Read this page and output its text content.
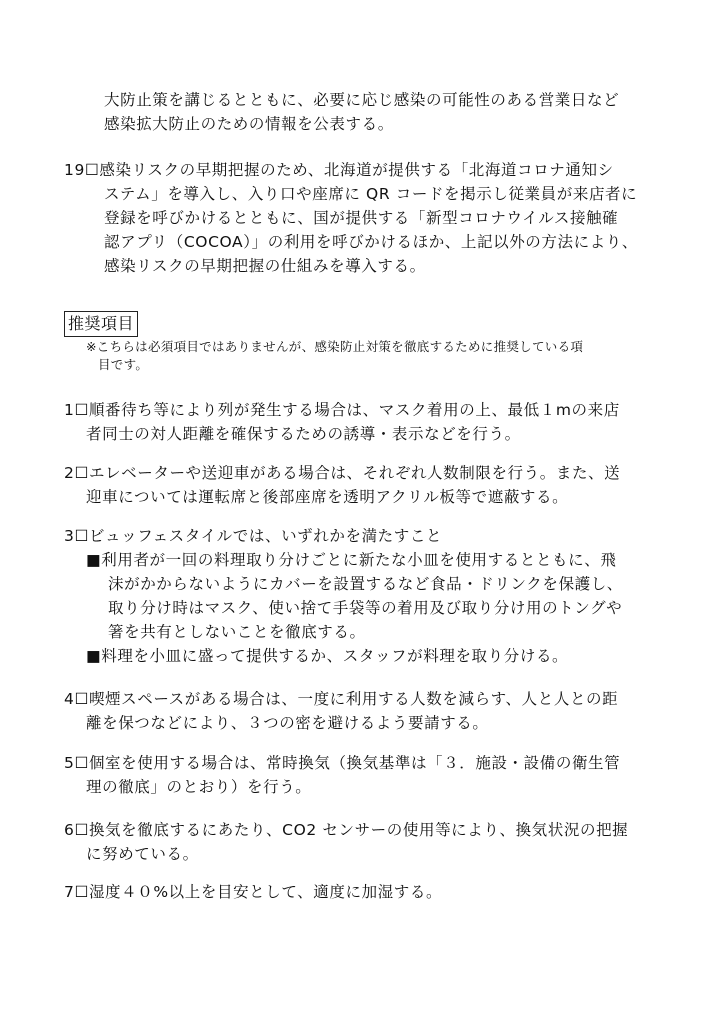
大防止策を講じるとともに、必要に応じ感染の可能性のある営業日など
感染拡大防止のための情報を公表する。
19☐感染リスクの早期把握のため、北海道が提供する「北海道コロナ通知シ
ステム」を導入し、入り口や座席に QR コードを掲示し従業員が来店者に
登録を呼びかけるとともに、国が提供する「新型コロナウイルス接触確
認アプリ（COCOA）」の利用を呼びかけるほか、上記以外の方法により、
感染リスクの早期把握の仕組みを導入する。
推奨項目
※こちらは必須項目ではありませんが、感染防止対策を徹底するために推奨している項
目です。
1☐順番待ち等により列が発生する場合は、マスク着用の上、最低１mの来店
者同士の対人距離を確保するための誘導・表示などを行う。
2☐エレベーターや送迎車がある場合は、それぞれ人数制限を行う。また、送
迎車については運転席と後部座席を透明アクリル板等で遮蔽する。
3☐ビュッフェスタイルでは、いずれかを満たすこと
■利用者が一回の料理取り分けごとに新たな小皿を使用するとともに、飛
沫がかからないようにカバーを設置するなど食品・ドリンクを保護し、
取り分け時はマスク、使い捨て手袋等の着用及び取り分け用のトングや
箸を共有としないことを徹底する。
■料理を小皿に盛って提供するか、スタッフが料理を取り分ける。
4☐喫煙スペースがある場合は、一度に利用する人数を減らす、人と人との距
離を保つなどにより、３つの密を避けるよう要請する。
5☐個室を使用する場合は、常時換気（換気基準は「３．施設・設備の衛生管
理の徹底」のとおり）を行う。
6☐換気を徹底するにあたり、CO2 センサーの使用等により、換気状況の把握
に努めている。
7☐湿度４０%以上を目安として、適度に加湿する。
